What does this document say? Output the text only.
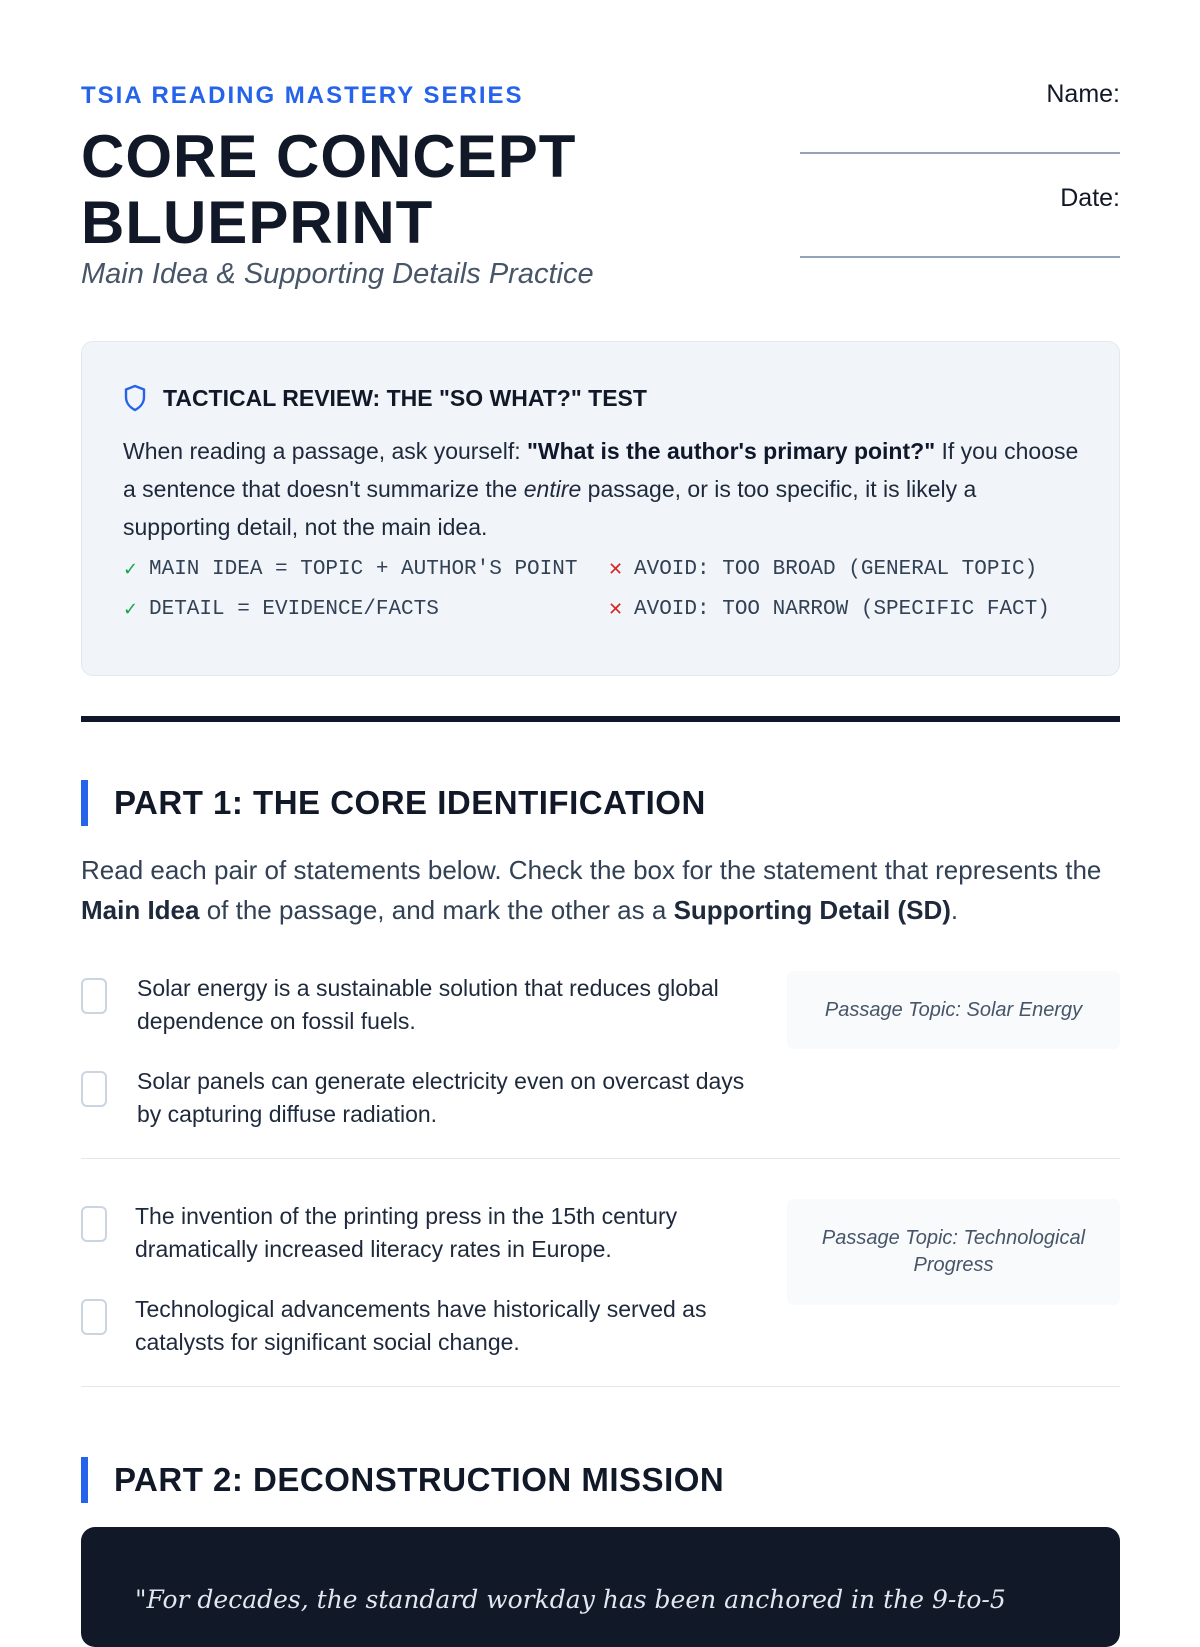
TSIA READING MASTERY SERIES
CORE CONCEPT
BLUEPRINT
Main Idea & Supporting Details Practice
Name:
Date:
TACTICAL REVIEW: THE "SO WHAT?" TEST
When reading a passage, ask yourself: "What is the author's primary point?" If you choose a sentence that doesn't summarize the entire passage, or is too specific, it is likely a supporting detail, not the main idea.
✓ MAIN IDEA = TOPIC + AUTHOR'S POINT ✕ AVOID: TOO BROAD (GENERAL TOPIC)
✓ DETAIL = EVIDENCE/FACTS	✕ AVOID: TOO NARROW (SPECIFIC FACT)
PART 1: THE CORE IDENTIFICATION
Read each pair of statements below. Check the box for the statement that represents the Main Idea of the passage, and mark the other as a Supporting Detail (SD).
Solar energy is a sustainable solution that reduces global dependence on fossil fuels.
Solar panels can generate electricity even on overcast days by capturing diffuse radiation.
Passage Topic: Solar Energy
The invention of the printing press in the 15th century dramatically increased literacy rates in Europe.
Technological advancements have historically served as catalysts for significant social change.
Passage Topic: Technological Progress
PART 2: DECONSTRUCTION MISSION
"For decades, the standard workday has been anchored in the 9-to-5
